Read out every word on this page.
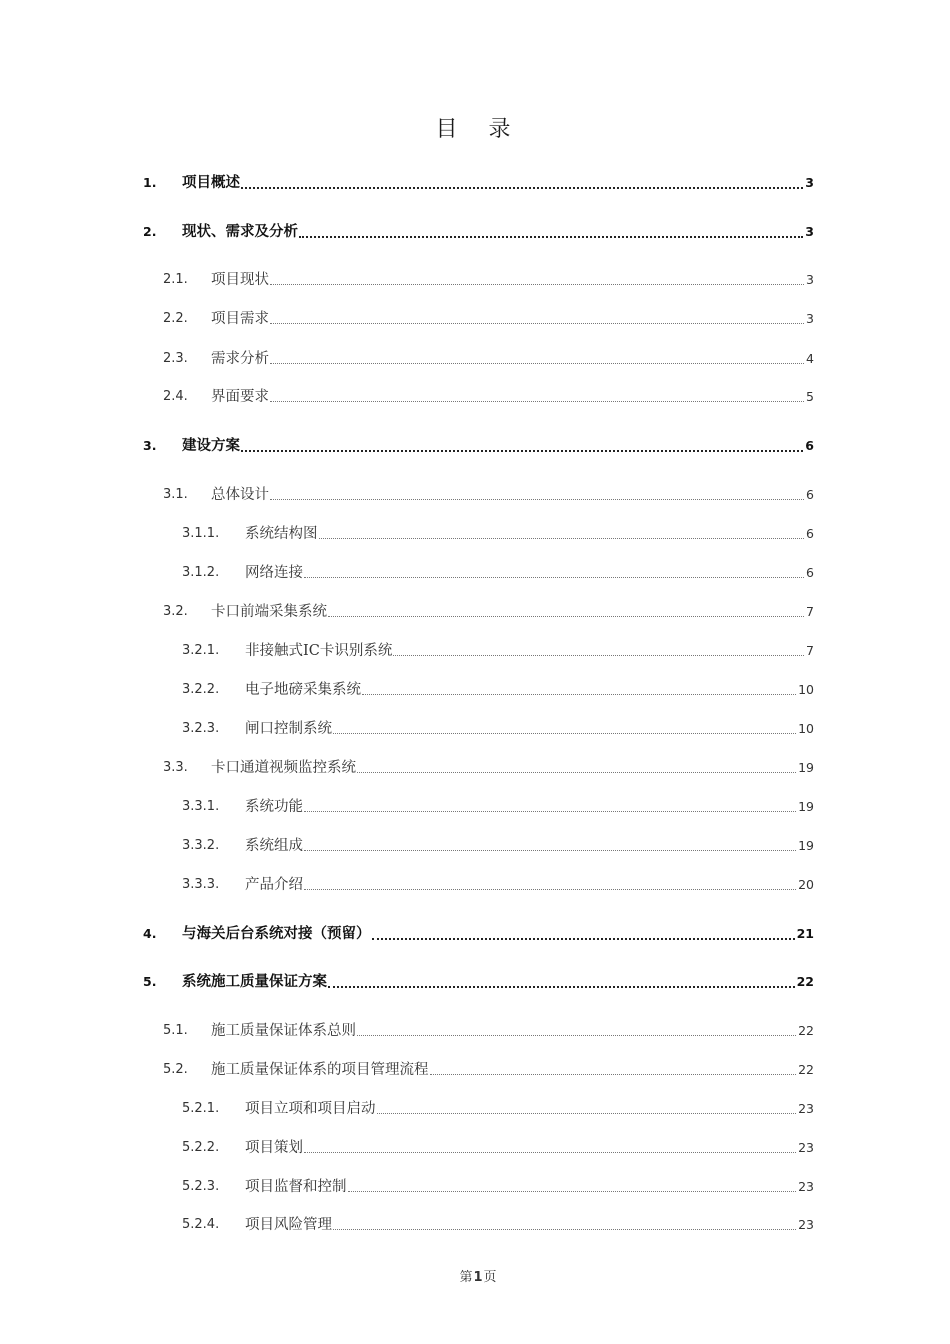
目 录
1. 项目概述	3
2. 现状、需求及分析	3
2.1. 项目现状	3
2.2. 项目需求	3
2.3. 需求分析	4
2.4. 界面要求	5
3. 建设方案	6
3.1. 总体设计	6
3.1.1. 系统结构图	6
3.1.2. 网络连接	6
3.2. 卡口前端采集系统	7
3.2.1. 非接触式IC卡识别系统	7
3.2.2. 电子地磅采集系统	10
3.2.3. 闸口控制系统	10
3.3. 卡口通道视频监控系统	19
3.3.1. 系统功能	19
3.3.2. 系统组成	19
3.3.3. 产品介绍	20
4. 与海关后台系统对接（预留）	21
5. 系统施工质量保证方案	22
5.1. 施工质量保证体系总则	22
5.2. 施工质量保证体系的项目管理流程	22
5.2.1. 项目立项和项目启动	23
5.2.2. 项目策划	23
5.2.3. 项目监督和控制	23
5.2.4. 项目风险管理	23
第1页
